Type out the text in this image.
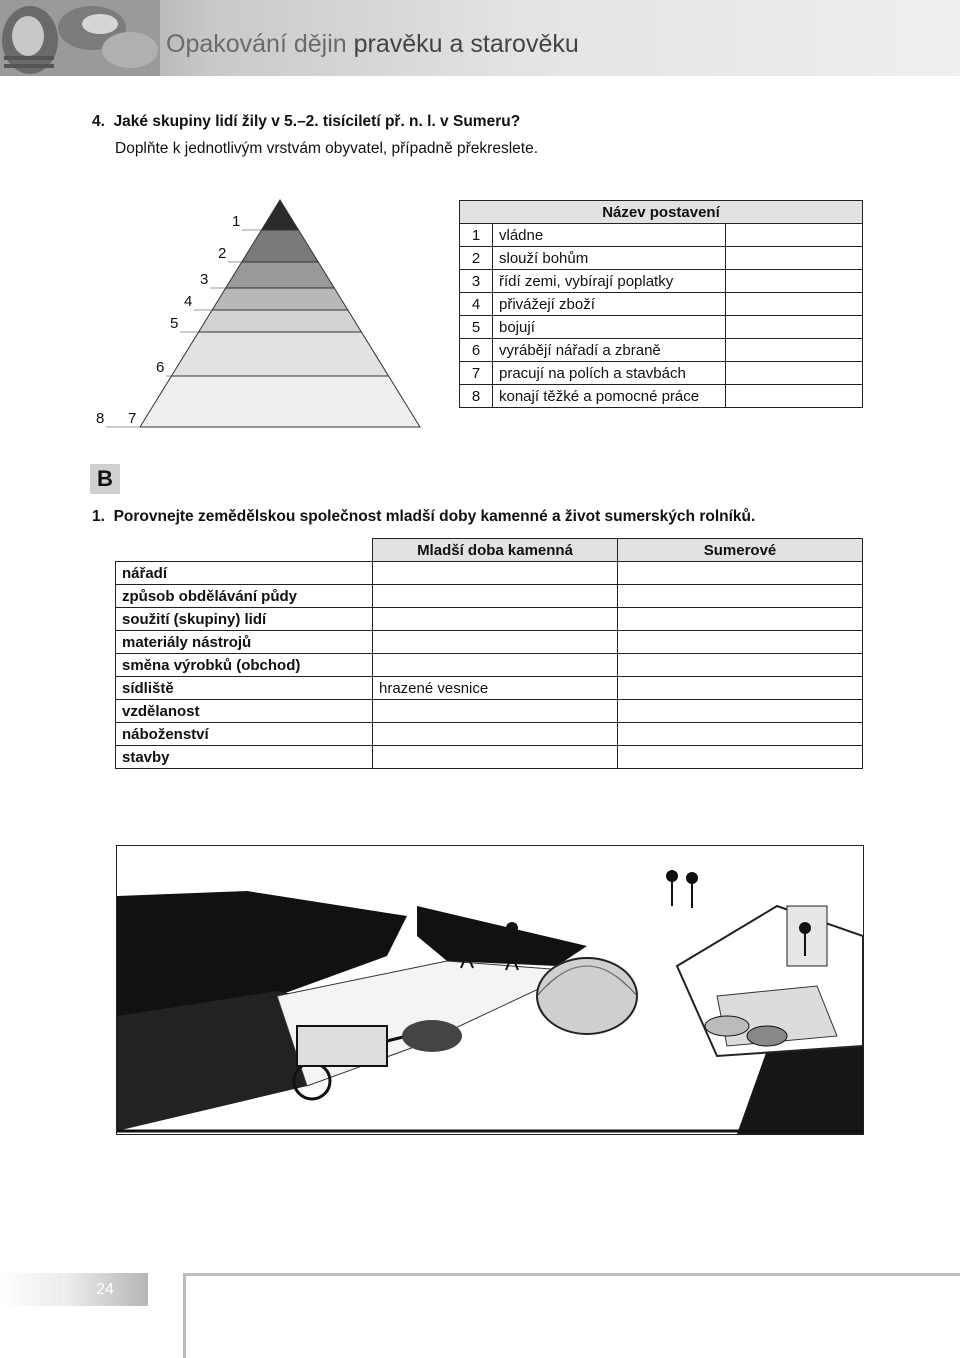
Opakování dějin pravěku a starověku
4. Jaké skupiny lidí žily v 5.–2. tisíciletí př. n. l. v Sumeru?
Doplňte k jednotlivým vrstvám obyvatel, případně překreslete.
1
2
3
4
5
6
7
8
Název postavení		
1	vládne	
2	slouží bohům	
3	řídí zemi, vybírají poplatky	
4	přivážejí zboží	
5	bojují	
6	vyrábějí nářadí a zbraně	
7	pracují na polích a stavbách	
8	konají těžké a pomocné práce	
B
1. Porovnejte zemědělskou společnost mladší doby kamenné a život sumerských rolníků.
	Mladší doba kamenná	Sumerové
nářadí		
způsob obdělávání půdy		
soužití (skupiny) lidí		
materiály nástrojů		
směna výrobků (obchod)		
sídliště	hrazené vesnice	
vzdělanost		
náboženství		
stavby		
24
